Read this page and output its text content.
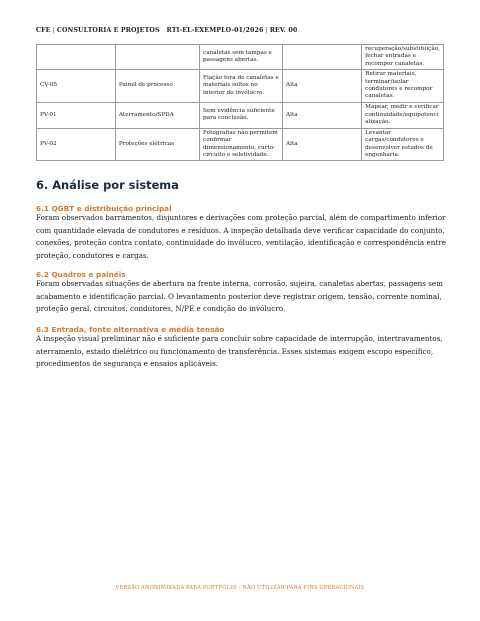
CFE | CONSULTORIA E PROJETOS RTI-EL-EXEMPLO-01/2026 | REV. 00
		canaletas sem tampas e passagens abertas.		recuperação/substituição, fechar entradas e recompor canaletas.
CV-05	Painel de processo	Fiação fora de canaletas e materiais soltos no interior do invólucro.	Alta	Retirar materiais, terminar/isolar condutores e recompor canaletas.
PV-01	Aterramento/SPDA	Sem evidência suficiente para conclusão.	Alta	Mapear, medir e verificar continuidade/equipotenci alização.
PV-02	Proteções elétricas	Fotografias não permitem confirmar dimensionamento, curto-circuito e seletividade.	Alta	Levantar cargas/condutores e desenvolver estudos de engenharia.
6. Análise por sistema
6.1 QGBT e distribuição principal

Foram observados barramentos, disjuntores e derivações com proteção parcial, além de compartimento inferior com quantidade elevada de condutores e resíduos. A inspeção detalhada deve verificar capacidade do conjunto, conexões, proteção contra contato, continuidade do invólucro, ventilação, identificação e correspondência entre proteção, condutores e cargas.

6.2 Quadros e painéis

Foram observadas situações de abertura na frente interna, corrosão, sujeira, canaletas abertas, passagens sem acabamento e identificação parcial. O levantamento posterior deve registrar origem, tensão, corrente nominal, proteção geral, circuitos, condutores, N/PE e condição do invólucro.

6.3 Entrada, fonte alternativa e média tensão

A inspeção visual preliminar não é suficiente para concluir sobre capacidade de interrupção, intertravamentos, aterramento, estado dielétrico ou funcionamento de transferência. Esses sistemas exigem escopo específico, procedimentos de segurança e ensaios aplicáveis.

VERSÃO ANONIMIZADA PARA PORTFÓLIO - NÃO UTILIZAR PARA FINS OPERACIONAIS
